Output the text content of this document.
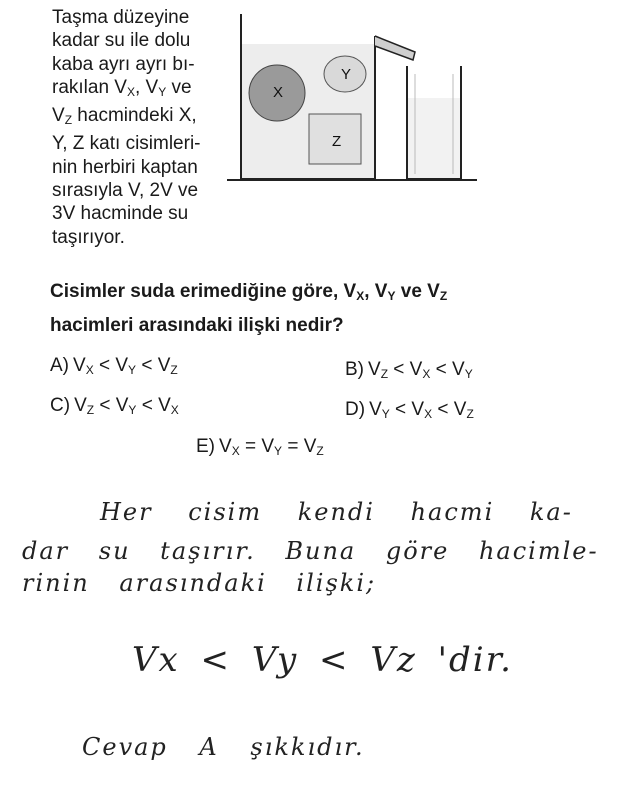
Taşma düzeyine
kadar su ile dolu
kaba ayrı ayrı bı-
rakılan $V_X$, $V_Y$ ve
$V_Z$ hacmindeki X,
Y, Z katı cisimleri-
nin herbiri kaptan
sırasıyla V, 2V ve
3V hacminde su
taşırıyor.
X
Y
Z
Cisimler suda erimediğine göre, $V_X$, $V_Y$ ve $V_Z$
hacimleri arasındaki ilişki nedir?
A) $V_X < V_Y < V_Z$	B) $V_Z < V_X < V_Y$
C) $V_Z < V_Y < V_X$	D) $V_Y < V_X < V_Z$
E) $V_X = V_Y = V_Z$
Her cisim kendi hacmi ka-
dar su taşırır. Buna göre hacimle-
rinin arasındaki ilişki;
Vx < Vy < Vz 'dir.
Cevap A şıkkıdır.
